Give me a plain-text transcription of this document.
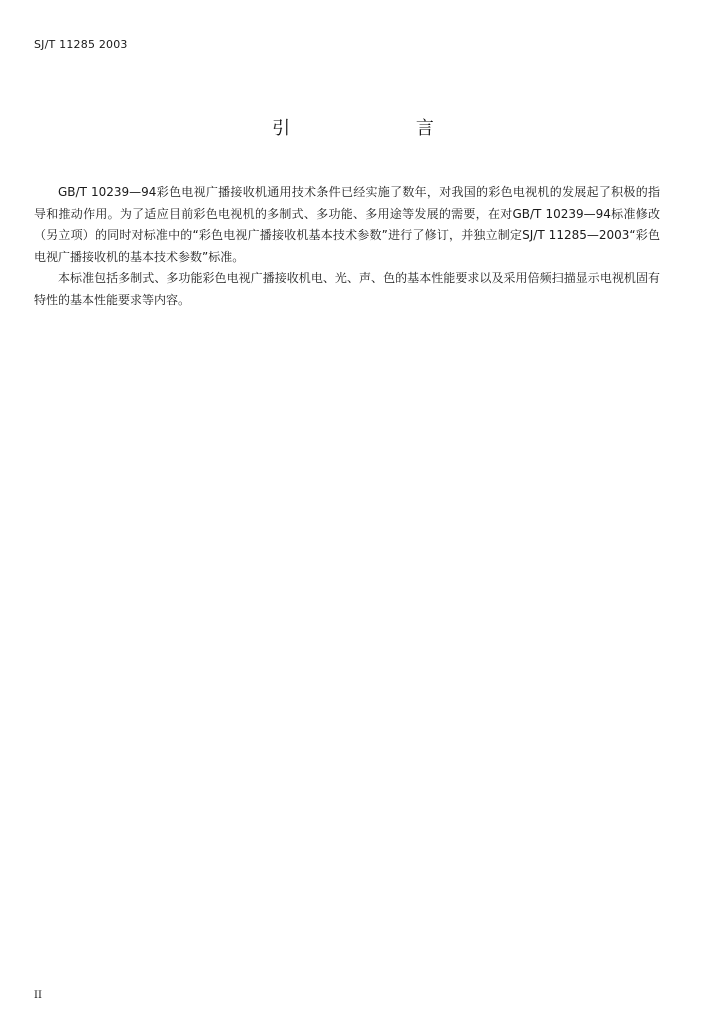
SJ/T 11285 2003
引 言

GB/T 10239—94彩色电视广播接收机通用技术条件已经实施了数年，对我国的彩色电视机的发展起了积极的指导和推动作用。为了适应目前彩色电视机的多制式、多功能、多用途等发展的需要，在对GB/T 10239—94标准修改（另立项）的同时对标准中的“彩色电视广播接收机基本技术参数”进行了修订，并独立制定SJ/T 11285—2003“彩色电视广播接收机的基本技术参数”标准。

本标准包括多制式、多功能彩色电视广播接收机电、光、声、色的基本性能要求以及采用倍频扫描显示电视机固有特性的基本性能要求等内容。

II
